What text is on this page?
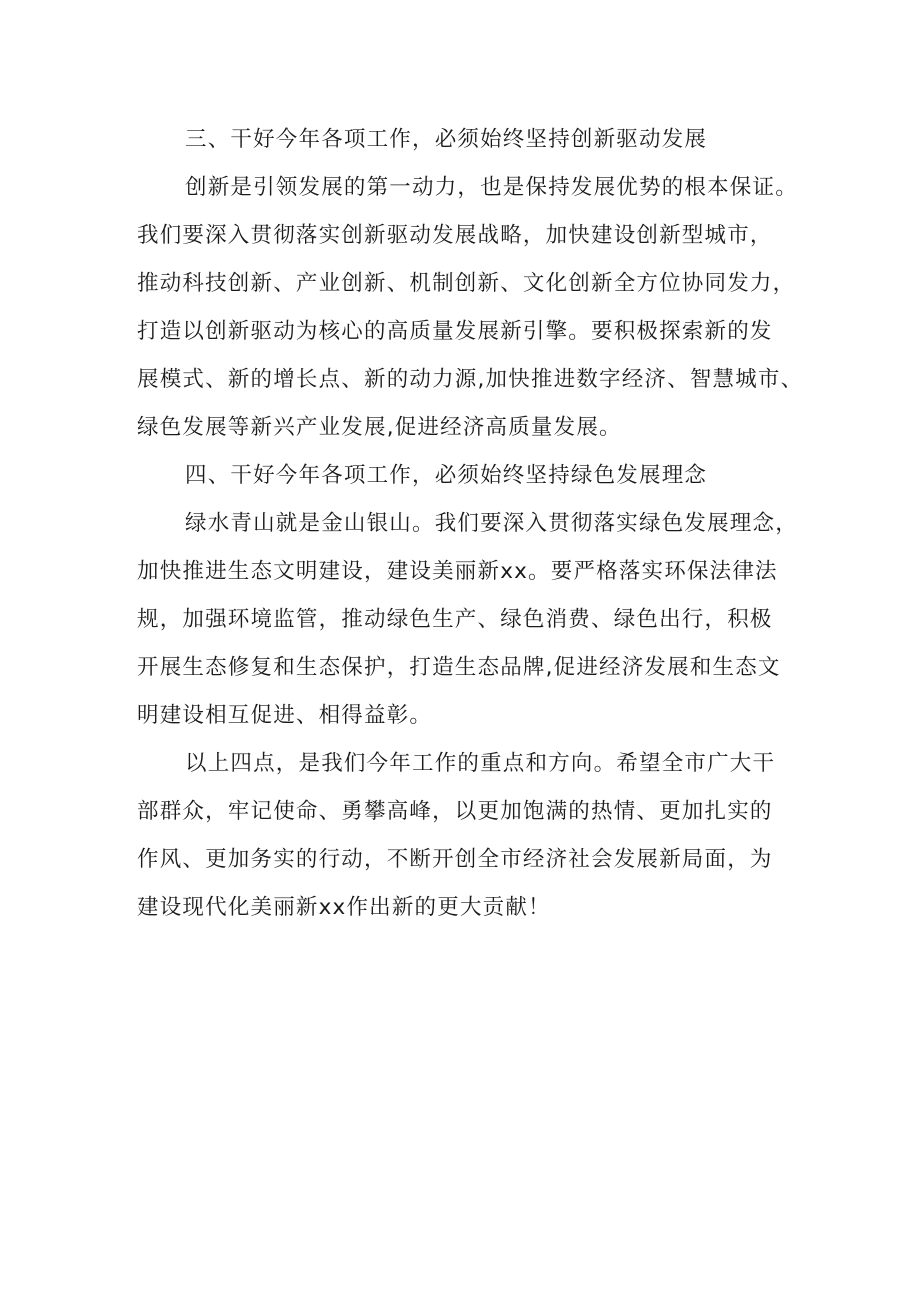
三、干好今年各项工作，必须始终坚持创新驱动发展
创新是引领发展的第一动力，也是保持发展优势的根本保证。
我们要深入贯彻落实创新驱动发展战略，加快建设创新型城市，
推动科技创新、产业创新、机制创新、文化创新全方位协同发力，
打造以创新驱动为核心的高质量发展新引擎。要积极探索新的发
展模式、新的增长点、新的动力源,加快推进数字经济、智慧城市、
绿色发展等新兴产业发展,促进经济高质量发展。
四、干好今年各项工作，必须始终坚持绿色发展理念
绿水青山就是金山银山。我们要深入贯彻落实绿色发展理念，
加快推进生态文明建设，建设美丽新xx。要严格落实环保法律法
规，加强环境监管，推动绿色生产、绿色消费、绿色出行，积极
开展生态修复和生态保护，打造生态品牌,促进经济发展和生态文
明建设相互促进、相得益彰。
以上四点，是我们今年工作的重点和方向。希望全市广大干
部群众，牢记使命、勇攀高峰，以更加饱满的热情、更加扎实的
作风、更加务实的行动，不断开创全市经济社会发展新局面，为
建设现代化美丽新xx作出新的更大贡献！
